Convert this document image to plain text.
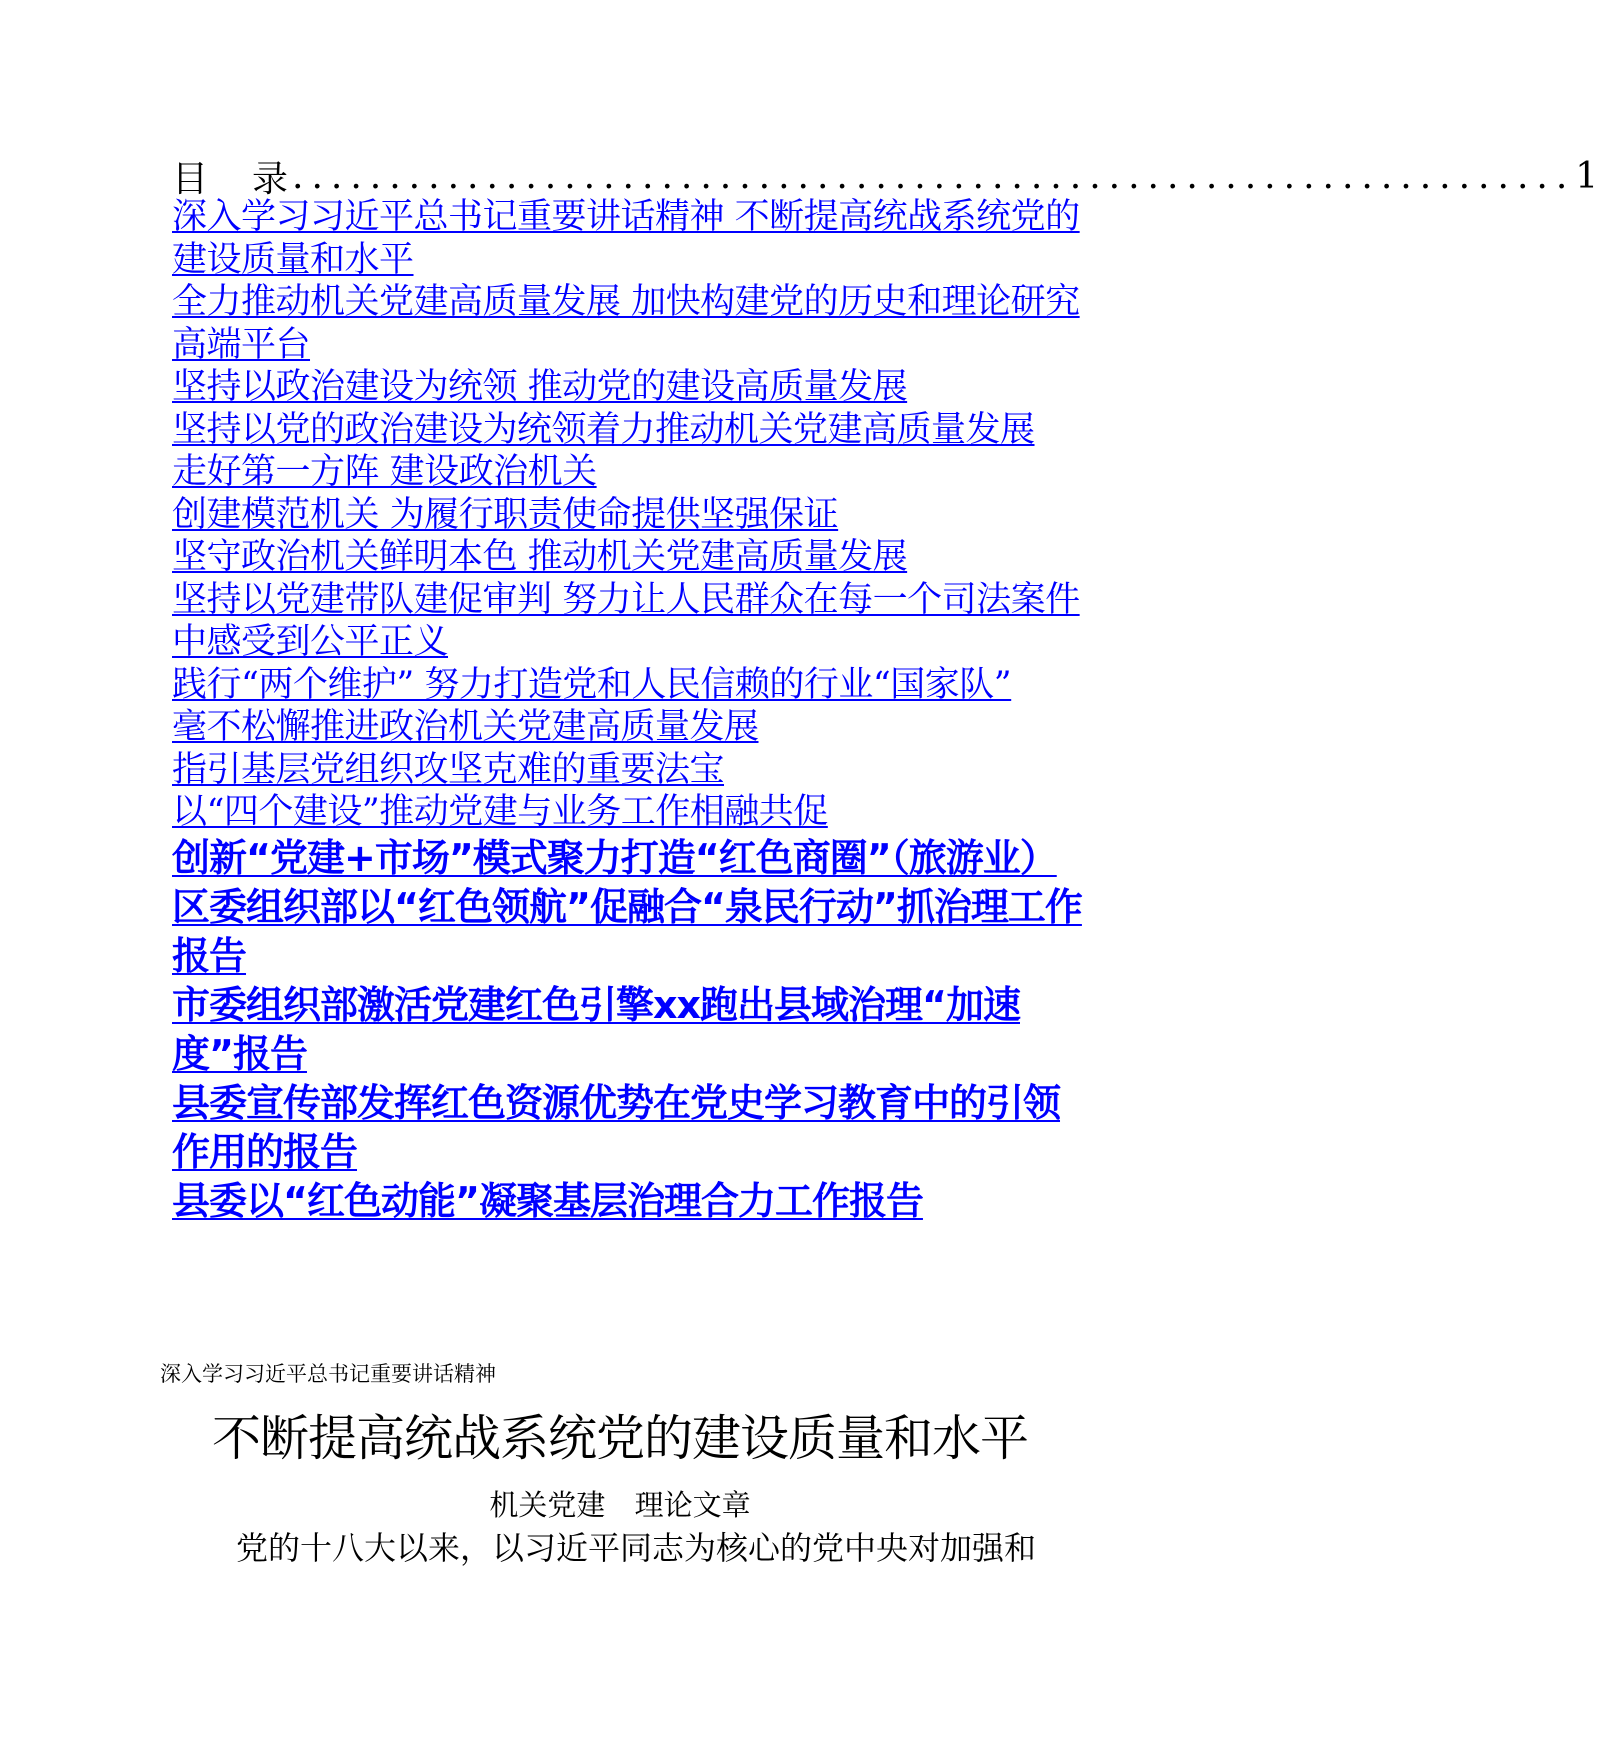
目　录 .................................................................. 1
深入学习习近平总书记重要讲话精神 不断提高统战系统党的建设质量和水平
全力推动机关党建高质量发展 加快构建党的历史和理论研究高端平台
坚持以政治建设为统领 推动党的建设高质量发展
坚持以党的政治建设为统领着力推动机关党建高质量发展
走好第一方阵 建设政治机关
创建模范机关 为履行职责使命提供坚强保证
坚守政治机关鲜明本色 推动机关党建高质量发展
坚持以党建带队建促审判 努力让人民群众在每一个司法案件中感受到公平正义
践行“两个维护” 努力打造党和人民信赖的行业“国家队”
毫不松懈推进政治机关党建高质量发展
指引基层党组织攻坚克难的重要法宝
以“四个建设”推动党建与业务工作相融共促
创新“党建+市场”模式聚力打造“红色商圈”（旅游业）
区委组织部以“红色领航”促融合“泉民行动”抓治理工作报告
市委组织部激活党建红色引擎xx跑出县域治理“加速度”报告
县委宣传部发挥红色资源优势在党史学习教育中的引领作用的报告
县委以“红色动能”凝聚基层治理合力工作报告
深入学习习近平总书记重要讲话精神
不断提高统战系统党的建设质量和水平
机关党建 理论文章
党的十八大以来，以习近平同志为核心的党中央对加强和
